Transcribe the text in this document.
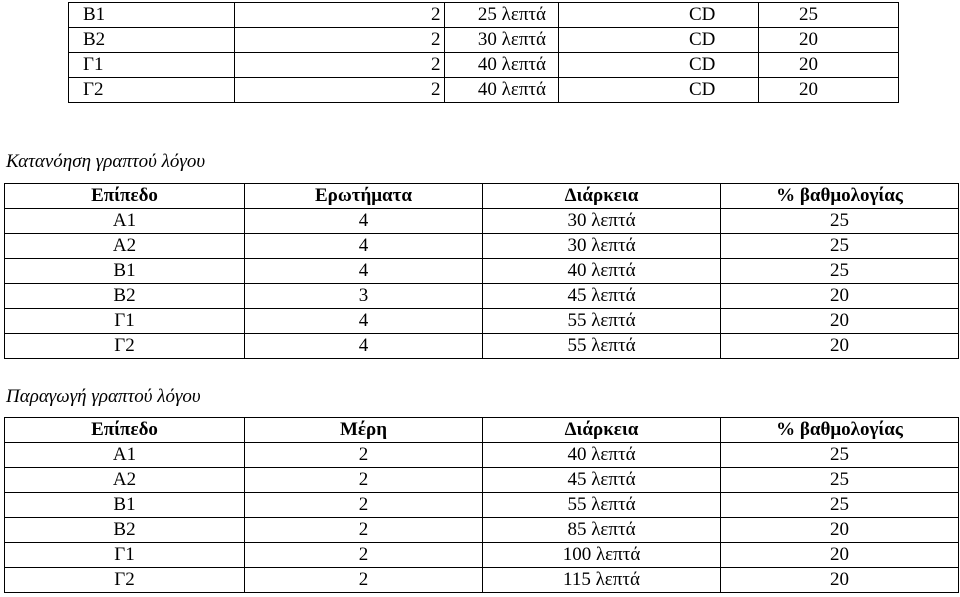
Β1	2	25 λεπτά	CD	25
Β2	2	30 λεπτά	CD	20
Γ1	2	40 λεπτά	CD	20
Γ2	2	40 λεπτά	CD	20
Κατανόηση γραπτού λόγου
Επίπεδο	Ερωτήματα	Διάρκεια	% βαθμολογίας
Α1	4	30 λεπτά	25
Α2	4	30 λεπτά	25
Β1	4	40 λεπτά	25
Β2	3	45 λεπτά	20
Γ1	4	55 λεπτά	20
Γ2	4	55 λεπτά	20
Παραγωγή γραπτού λόγου
Επίπεδο	Μέρη	Διάρκεια	% βαθμολογίας
Α1	2	40 λεπτά	25
Α2	2	45 λεπτά	25
Β1	2	55 λεπτά	25
Β2	2	85 λεπτά	20
Γ1	2	100 λεπτά	20
Γ2	2	115 λεπτά	20
